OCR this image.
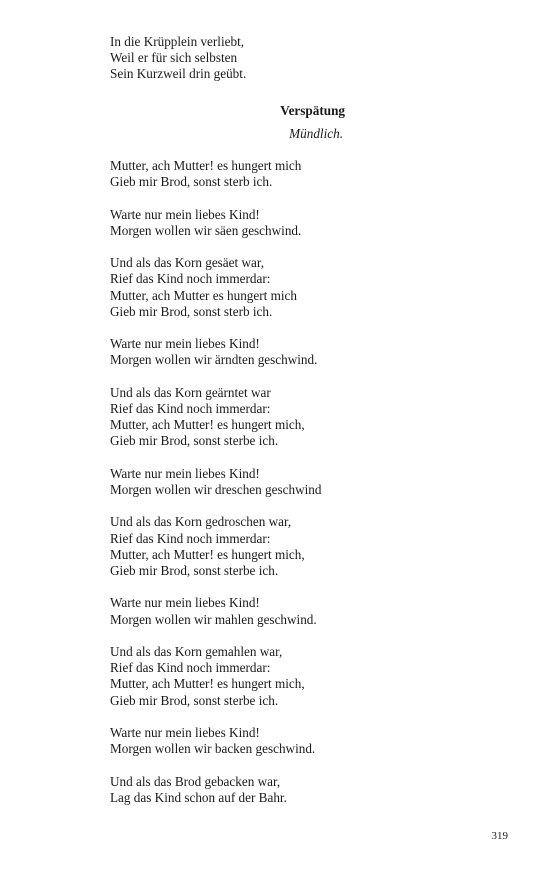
In die Krüpplein verliebt,
Weil er für sich selbsten
Sein Kurzweil drin geübt.
Verspätung
Mündlich.
Mutter, ach Mutter! es hungert mich
Gieb mir Brod, sonst sterb ich.
Warte nur mein liebes Kind!
Morgen wollen wir säen geschwind.
Und als das Korn gesäet war,
Rief das Kind noch immerdar:
Mutter, ach Mutter es hungert mich
Gieb mir Brod, sonst sterb ich.
Warte nur mein liebes Kind!
Morgen wollen wir ärndten geschwind.
Und als das Korn geärntet war
Rief das Kind noch immerdar:
Mutter, ach Mutter! es hungert mich,
Gieb mir Brod, sonst sterbe ich.
Warte nur mein liebes Kind!
Morgen wollen wir dreschen geschwind
Und als das Korn gedroschen war,
Rief das Kind noch immerdar:
Mutter, ach Mutter! es hungert mich,
Gieb mir Brod, sonst sterbe ich.
Warte nur mein liebes Kind!
Morgen wollen wir mahlen geschwind.
Und als das Korn gemahlen war,
Rief das Kind noch immerdar:
Mutter, ach Mutter! es hungert mich,
Gieb mir Brod, sonst sterbe ich.
Warte nur mein liebes Kind!
Morgen wollen wir backen geschwind.
Und als das Brod gebacken war,
Lag das Kind schon auf der Bahr.
319
